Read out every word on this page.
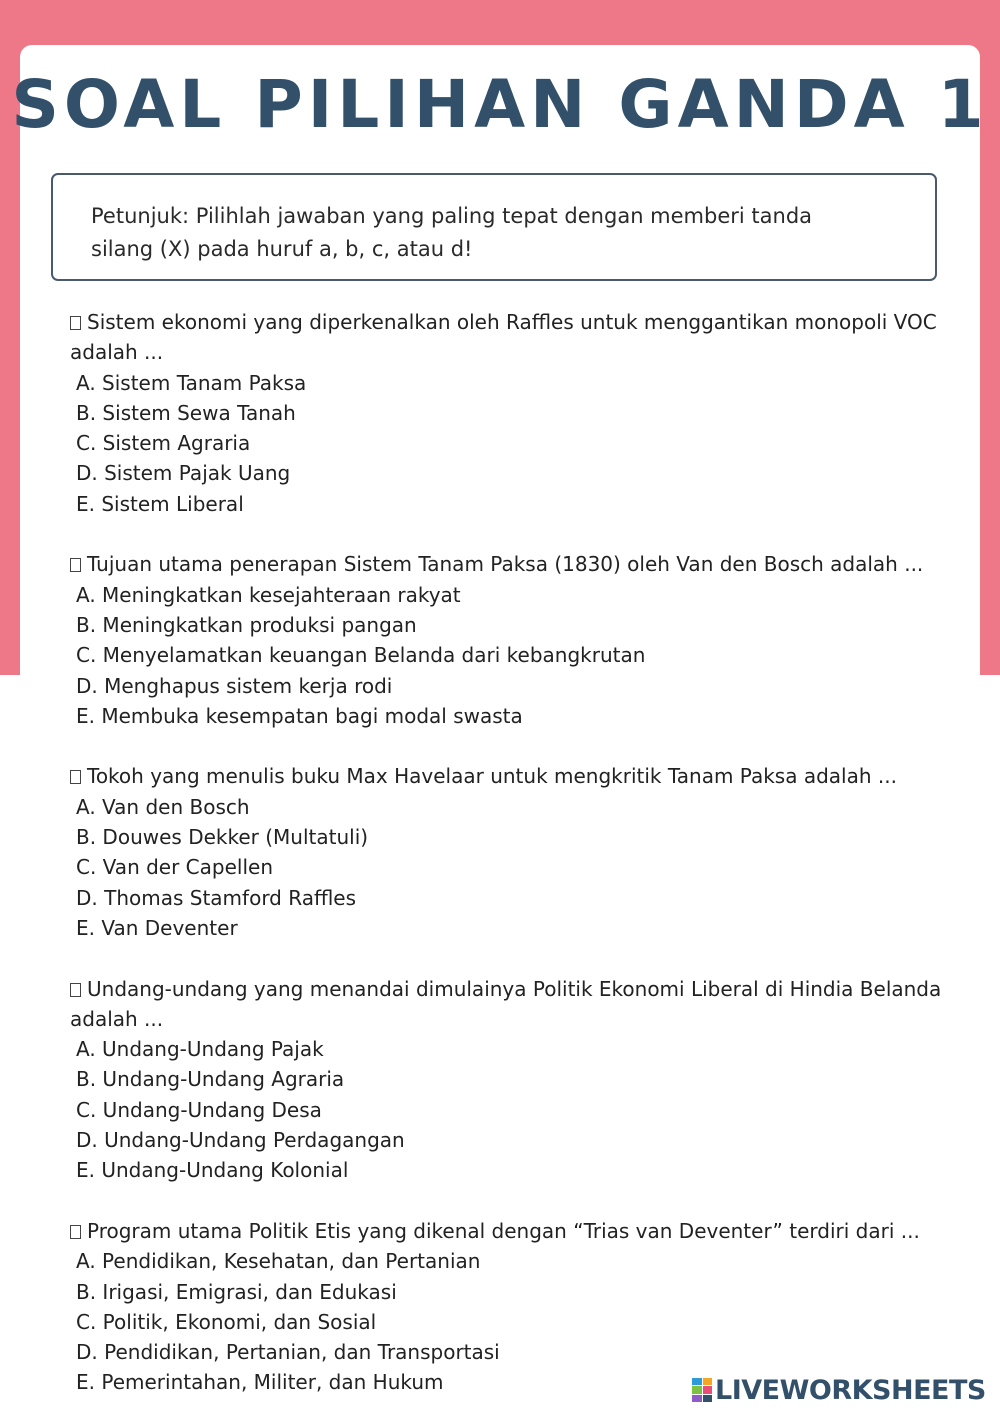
SOAL PILIHAN GANDA 1
Petunjuk: Pilihlah jawaban yang paling tepat dengan memberi tanda
silang (X) pada huruf a, b, c, atau d!
Sistem ekonomi yang diperkenalkan oleh Raffles untuk menggantikan monopoli VOC
adalah ...
A. Sistem Tanam Paksa
B. Sistem Sewa Tanah
C. Sistem Agraria
D. Sistem Pajak Uang
E. Sistem Liberal
Tujuan utama penerapan Sistem Tanam Paksa (1830) oleh Van den Bosch adalah ...
A. Meningkatkan kesejahteraan rakyat
B. Meningkatkan produksi pangan
C. Menyelamatkan keuangan Belanda dari kebangkrutan
D. Menghapus sistem kerja rodi
E. Membuka kesempatan bagi modal swasta
Tokoh yang menulis buku Max Havelaar untuk mengkritik Tanam Paksa adalah ...
A. Van den Bosch
B. Douwes Dekker (Multatuli)
C. Van der Capellen
D. Thomas Stamford Raffles
E. Van Deventer
Undang-undang yang menandai dimulainya Politik Ekonomi Liberal di Hindia Belanda
adalah ...
A. Undang-Undang Pajak
B. Undang-Undang Agraria
C. Undang-Undang Desa
D. Undang-Undang Perdagangan
E. Undang-Undang Kolonial
Program utama Politik Etis yang dikenal dengan “Trias van Deventer” terdiri dari ...
A. Pendidikan, Kesehatan, dan Pertanian
B. Irigasi, Emigrasi, dan Edukasi
C. Politik, Ekonomi, dan Sosial
D. Pendidikan, Pertanian, dan Transportasi
E. Pemerintahan, Militer, dan Hukum	LIVEWORKSHEETS
